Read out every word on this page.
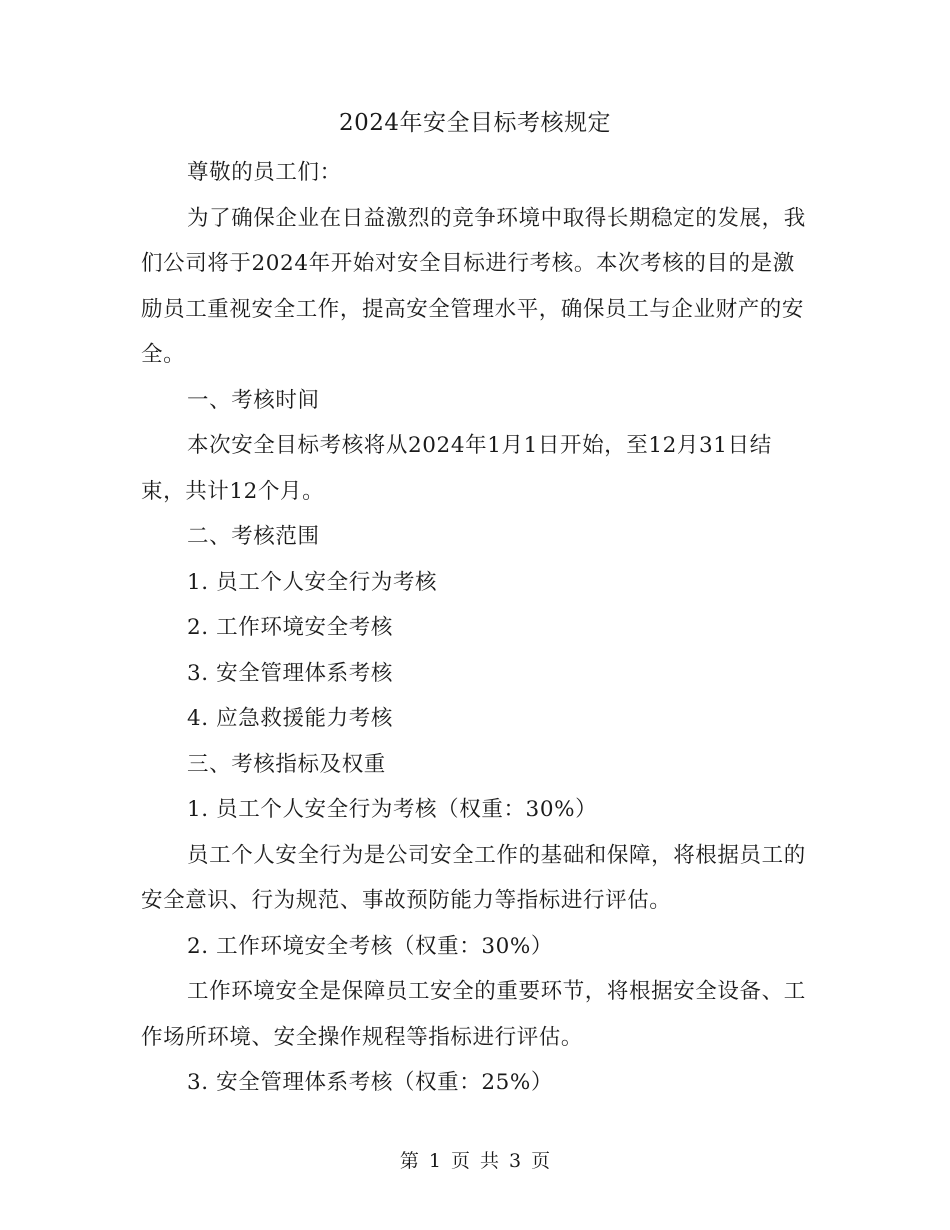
2024年安全目标考核规定

尊敬的员工们：

为了确保企业在日益激烈的竞争环境中取得长期稳定的发展，我们公司将于2024年开始对安全目标进行考核。本次考核的目的是激励员工重视安全工作，提高安全管理水平，确保员工与企业财产的安全。

一、考核时间

本次安全目标考核将从2024年1月1日开始，至12月31日结束，共计12个月。

二、考核范围

1. 员工个人安全行为考核

2. 工作环境安全考核

3. 安全管理体系考核

4. 应急救援能力考核

三、考核指标及权重

1. 员工个人安全行为考核（权重：30%）

员工个人安全行为是公司安全工作的基础和保障，将根据员工的安全意识、行为规范、事故预防能力等指标进行评估。

2. 工作环境安全考核（权重：30%）

工作环境安全是保障员工安全的重要环节，将根据安全设备、工作场所环境、安全操作规程等指标进行评估。

3. 安全管理体系考核（权重：25%）

第 1 页 共 3 页
